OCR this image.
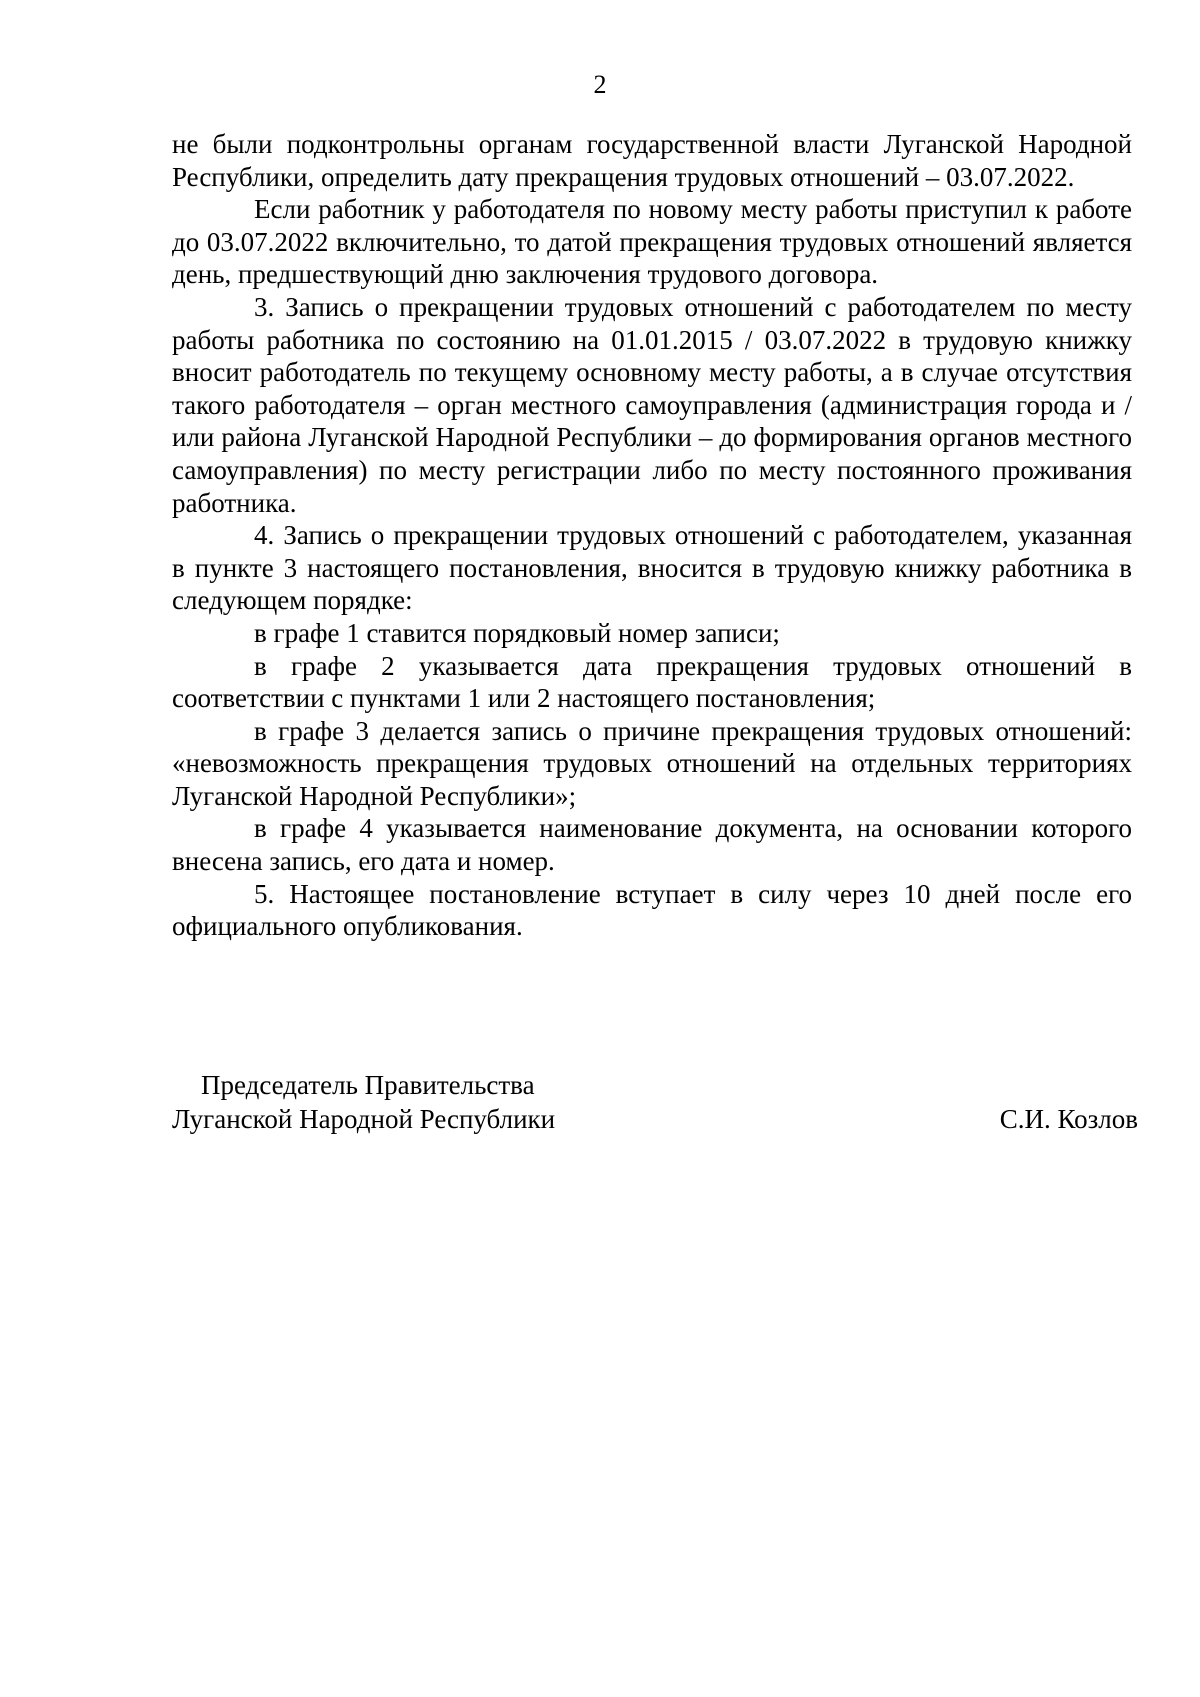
2

не были подконтрольны органам государственной власти Луганской Народной Республики, определить дату прекращения трудовых отношений – 03.07.2022.

Если работник у работодателя по новому месту работы приступил к работе до 03.07.2022 включительно, то датой прекращения трудовых отношений является день, предшествующий дню заключения трудового договора.

3. Запись о прекращении трудовых отношений с работодателем по месту работы работника по состоянию на 01.01.2015 / 03.07.2022 в трудовую книжку вносит работодатель по текущему основному месту работы, а в случае отсутствия такого работодателя – орган местного самоуправления (администрация города и / или района Луганской Народной Республики – до формирования органов местного самоуправления) по месту регистрации либо по месту постоянного проживания работника.

4. Запись о прекращении трудовых отношений с работодателем, указанная в пункте 3 настоящего постановления, вносится в трудовую книжку работника в следующем порядке:

в графе 1 ставится порядковый номер записи;

в графе 2 указывается дата прекращения трудовых отношений в соответствии с пунктами 1 или 2 настоящего постановления;

в графе 3 делается запись о причине прекращения трудовых отношений: «невозможность прекращения трудовых отношений на отдельных территориях Луганской Народной Республики»;

в графе 4 указывается наименование документа, на основании которого внесена запись, его дата и номер.

5. Настоящее постановление вступает в силу через 10 дней после его официального опубликования.

Председатель Правительства
Луганской Народной Республики	С.И. Козлов
